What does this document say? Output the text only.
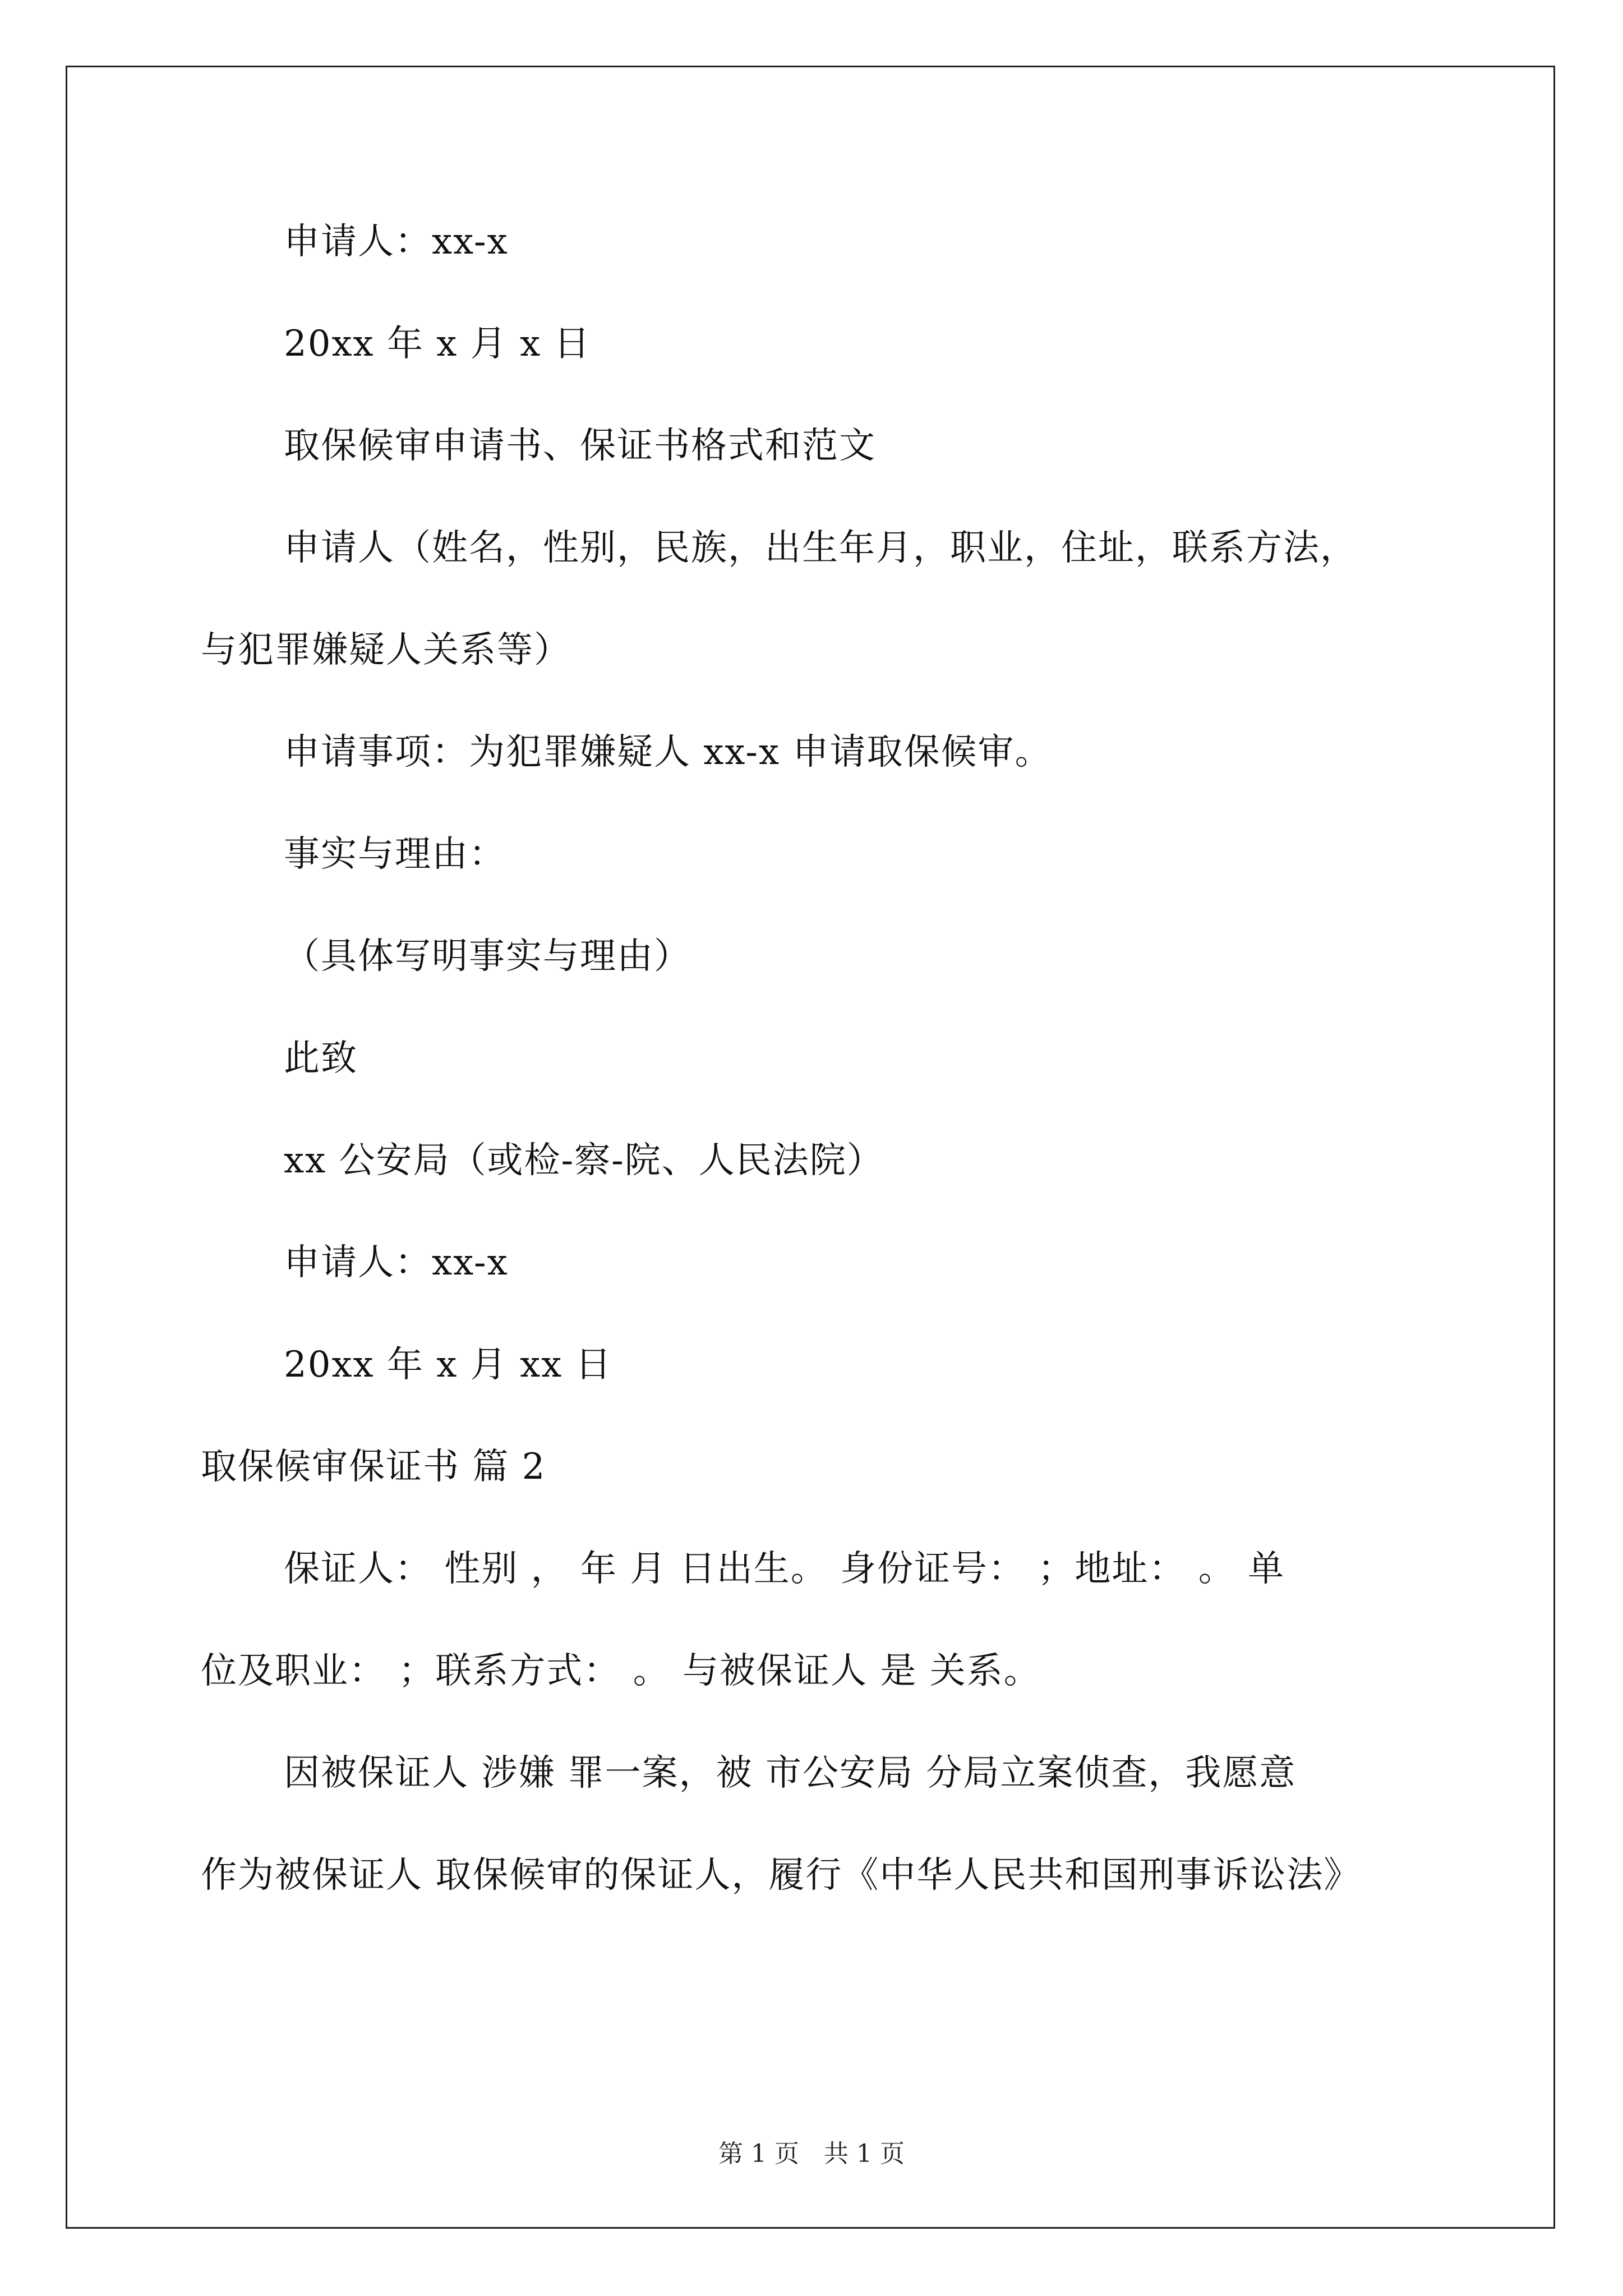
申请人：xx-x

20xx 年 x 月 x 日

取保候审申请书、保证书格式和范文

申请人（姓名，性别，民族，出生年月，职业，住址，联系方法，

与犯罪嫌疑人关系等）

申请事项：为犯罪嫌疑人 xx-x 申请取保候审。

事实与理由：

（具体写明事实与理由）

此致

xx 公安局（或检-察-院、人民法院）

申请人：xx-x

20xx 年 x 月 xx 日

取保候审保证书 篇 2

保证人： 性别 ， 年 月 日出生。 身份证号： ；地址： 。 单

位及职业： ；联系方式： 。 与被保证人 是 关系。

因被保证人 涉嫌 罪一案，被 市公安局 分局立案侦查，我愿意

作为被保证人 取保候审的保证人，履行《中华人民共和国刑事诉讼法》

第 1 页　共 1 页
